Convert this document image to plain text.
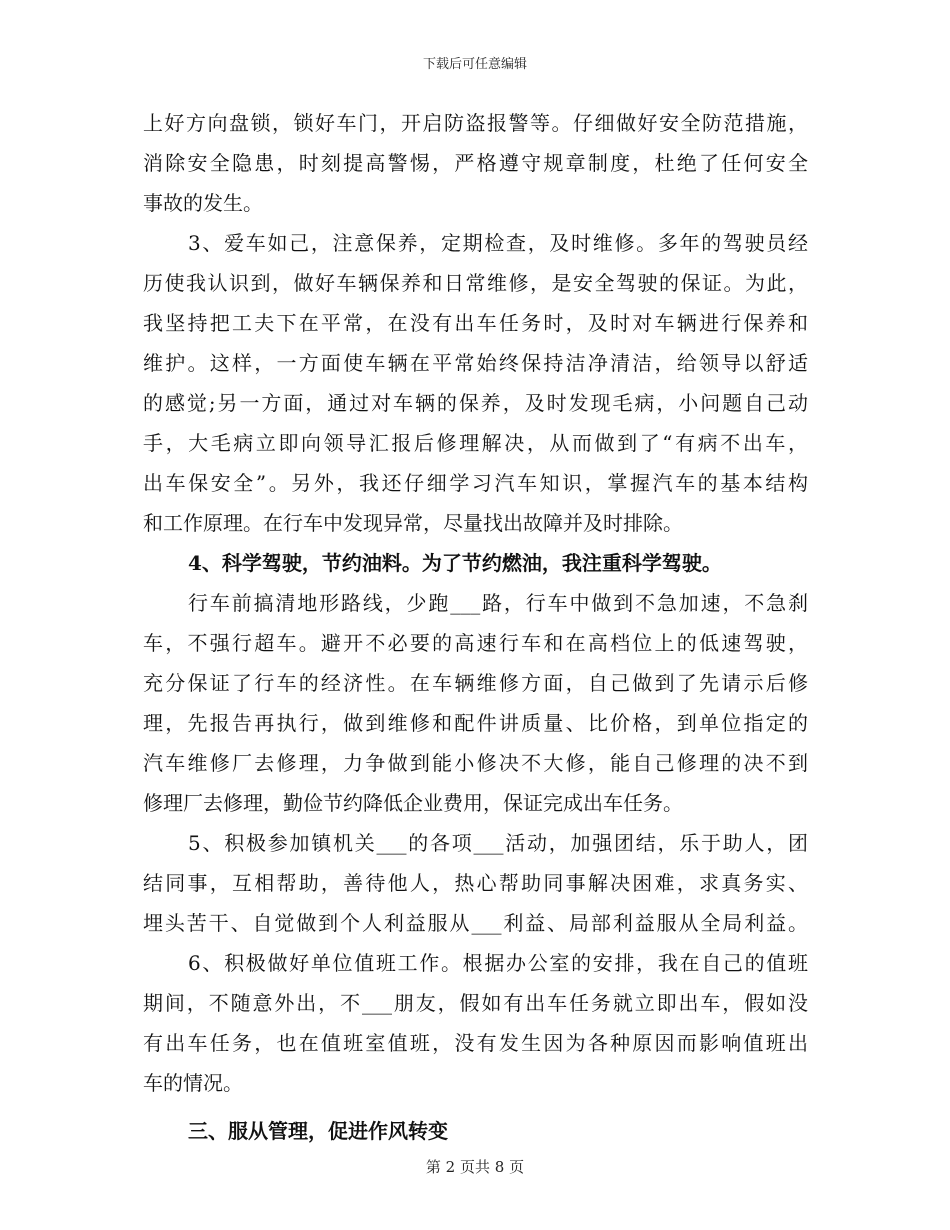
下载后可任意编辑
上好方向盘锁，锁好车门，开启防盗报警等。仔细做好安全防范措施，
消除安全隐患，时刻提高警惕，严格遵守规章制度，杜绝了任何安全
事故的发生。
3、爱车如己，注意保养，定期检查，及时维修。多年的驾驶员经
历使我认识到，做好车辆保养和日常维修，是安全驾驶的保证。为此，
我坚持把工夫下在平常，在没有出车任务时，及时对车辆进行保养和
维护。这样，一方面使车辆在平常始终保持洁净清洁，给领导以舒适
的感觉;另一方面，通过对车辆的保养，及时发现毛病，小问题自己动
手，大毛病立即向领导汇报后修理解决，从而做到了“有病不出车，
出车保安全”。另外，我还仔细学习汽车知识，掌握汽车的基本结构
和工作原理。在行车中发现异常，尽量找出故障并及时排除。
4、科学驾驶，节约油料。为了节约燃油，我注重科学驾驶。
行车前搞清地形路线，少跑___路，行车中做到不急加速，不急刹
车，不强行超车。避开不必要的高速行车和在高档位上的低速驾驶，
充分保证了行车的经济性。在车辆维修方面，自己做到了先请示后修
理，先报告再执行，做到维修和配件讲质量、比价格，到单位指定的
汽车维修厂去修理，力争做到能小修决不大修，能自己修理的决不到
修理厂去修理，勤俭节约降低企业费用，保证完成出车任务。
5、积极参加镇机关___的各项___活动，加强团结，乐于助人，团
结同事，互相帮助，善待他人，热心帮助同事解决困难，求真务实、
埋头苦干、自觉做到个人利益服从___利益、局部利益服从全局利益。
6、积极做好单位值班工作。根据办公室的安排，我在自己的值班
期间，不随意外出，不___朋友，假如有出车任务就立即出车，假如没
有出车任务，也在值班室值班，没有发生因为各种原因而影响值班出
车的情况。
三、服从管理，促进作风转变
第 2 页共 8 页
